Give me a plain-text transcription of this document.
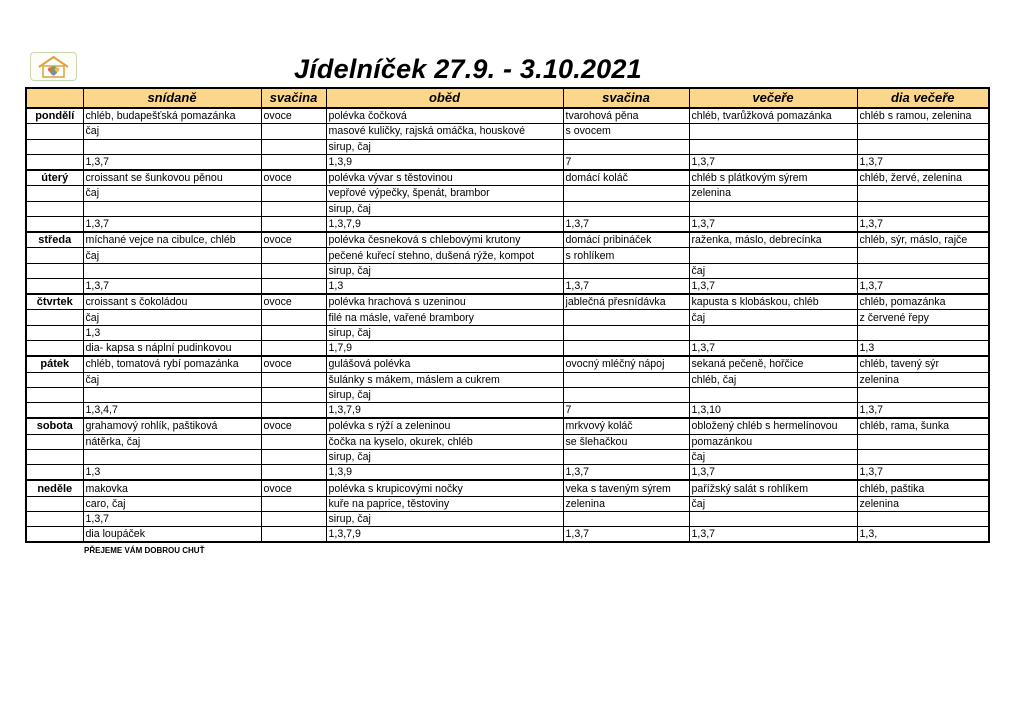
Jídelníček 27.9. - 3.10.2021
	snídaně	svačina	oběd	svačina	večeře	dia večeře
pondělí	chléb, budapešťská pomazánka	ovoce	polévka čočková	tvarohová pěna	chléb, tvarůžková pomazánka	chléb s ramou, zelenina
	čaj		masové kuličky, rajská omáčka, houskové	s ovocem		
			sirup, čaj			
	1,3,7		1,3,9	7	1,3,7	1,3,7
úterý	croissant se šunkovou pěnou	ovoce	polévka vývar s těstovinou	domácí koláč	chléb s plátkovým sýrem	chléb, žervé, zelenina
	čaj		vepřové výpečky, špenát, brambor		zelenina	
			sirup, čaj			
	1,3,7		1,3,7,9	1,3,7	1,3,7	1,3,7
středa	míchané vejce na cibulce, chléb	ovoce	polévka česneková s chlebovými krutony	domácí pribináček	raženka, máslo, debrecínka	chléb, sýr, máslo, rajče
	čaj		pečené kuřecí stehno, dušená rýže, kompot	s rohlíkem		
			sirup, čaj		čaj	
	1,3,7		1,3	1,3,7	1,3,7	1,3,7
čtvrtek	croissant s čokoládou	ovoce	polévka hrachová s uzeninou	jablečná přesnídávka	kapusta s klobáskou, chléb	chléb, pomazánka
	čaj		filé na másle, vařené brambory		čaj	z červené řepy
	1,3		sirup, čaj			
	dia- kapsa s náplní pudinkovou		1,7,9		1,3,7	1,3
pátek	chléb, tomatová rybí pomazánka	ovoce	gulášová polévka	ovocný mléčný nápoj	sekaná pečeně, hořčice	chléb, tavený sýr
	čaj		šulánky s mákem, máslem a cukrem		chléb, čaj	zelenina
			sirup, čaj			
	1,3,4,7		1,3,7,9	7	1,3,10	1,3,7
sobota	grahamový rohlík, paštiková	ovoce	polévka s rýží a zeleninou	mrkvový koláč	obložený chléb s hermelínovou	chléb, rama, šunka
	nátěrka, čaj		čočka na kyselo, okurek, chléb	se šlehačkou	pomazánkou	
			sirup, čaj		čaj	
	1,3		1,3,9	1,3,7	1,3,7	1,3,7
neděle	makovka	ovoce	polévka s krupicovými nočky	veka s taveným sýrem	pařížský salát s rohlíkem	chléb, paštika
	caro, čaj		kuře na paprice, těstoviny	zelenina	čaj	zelenina
	1,3,7		sirup, čaj			
	dia loupáček		1,3,7,9	1,3,7	1,3,7	1,3,
PŘEJEME VÁM DOBROU CHUŤ
